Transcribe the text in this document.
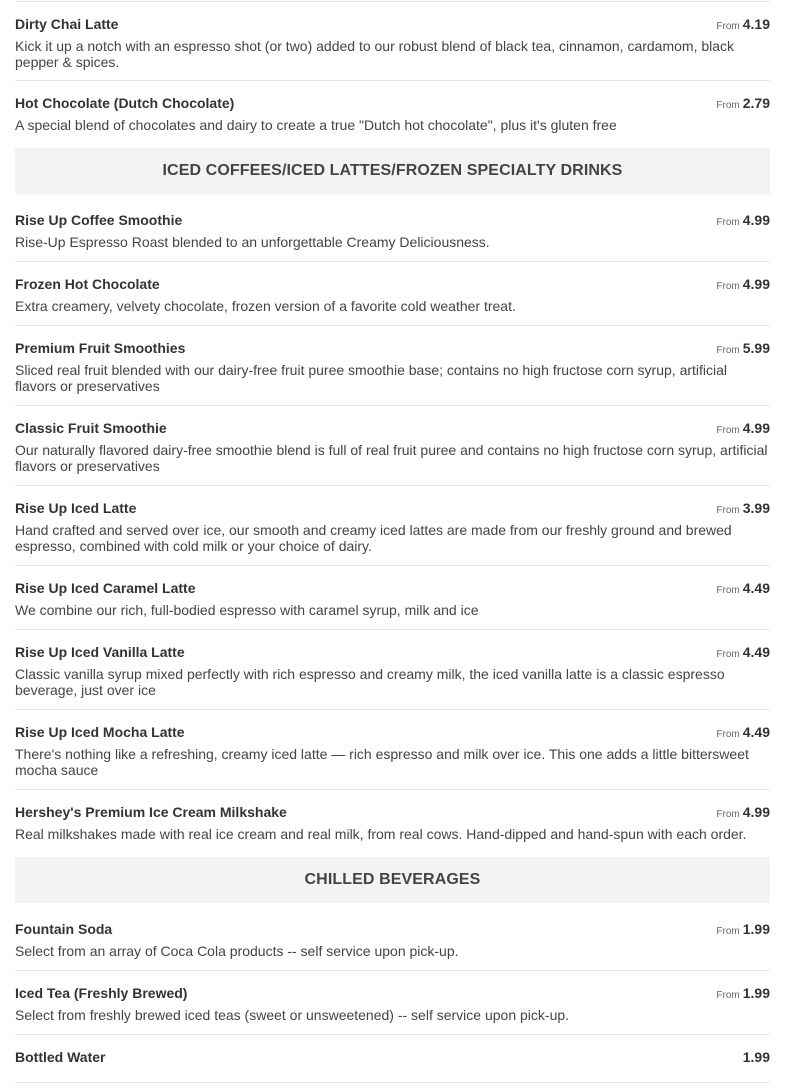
Dirty Chai Latte	From 4.19
Kick it up a notch with an espresso shot (or two) added to our robust blend of black tea, cinnamon, cardamom, black pepper & spices.
Hot Chocolate (Dutch Chocolate)	From 2.79
A special blend of chocolates and dairy to create a true "Dutch hot chocolate", plus it's gluten free
ICED COFFEES/ICED LATTES/FROZEN SPECIALTY DRINKS
Rise Up Coffee Smoothie	From 4.99
Rise-Up Espresso Roast blended to an unforgettable Creamy Deliciousness.
Frozen Hot Chocolate	From 4.99
Extra creamery, velvety chocolate, frozen version of a favorite cold weather treat.
Premium Fruit Smoothies	From 5.99
Sliced real fruit blended with our dairy-free fruit puree smoothie base; contains no high fructose corn syrup, artificial flavors or preservatives
Classic Fruit Smoothie	From 4.99
Our naturally flavored dairy-free smoothie blend is full of real fruit puree and contains no high fructose corn syrup, artificial flavors or preservatives
Rise Up Iced Latte	From 3.99
Hand crafted and served over ice, our smooth and creamy iced lattes are made from our freshly ground and brewed espresso, combined with cold milk or your choice of dairy.
Rise Up Iced Caramel Latte	From 4.49
We combine our rich, full-bodied espresso with caramel syrup, milk and ice
Rise Up Iced Vanilla Latte	From 4.49
Classic vanilla syrup mixed perfectly with rich espresso and creamy milk, the iced vanilla latte is a classic espresso beverage, just over ice
Rise Up Iced Mocha Latte	From 4.49
There's nothing like a refreshing, creamy iced latte — rich espresso and milk over ice. This one adds a little bittersweet mocha sauce
Hershey's Premium Ice Cream Milkshake	From 4.99
Real milkshakes made with real ice cream and real milk, from real cows. Hand-dipped and hand-spun with each order.
CHILLED BEVERAGES
Fountain Soda	From 1.99
Select from an array of Coca Cola products -- self service upon pick-up.
Iced Tea (Freshly Brewed)	From 1.99
Select from freshly brewed iced teas (sweet or unsweetened) -- self service upon pick-up.
Bottled Water	1.99
